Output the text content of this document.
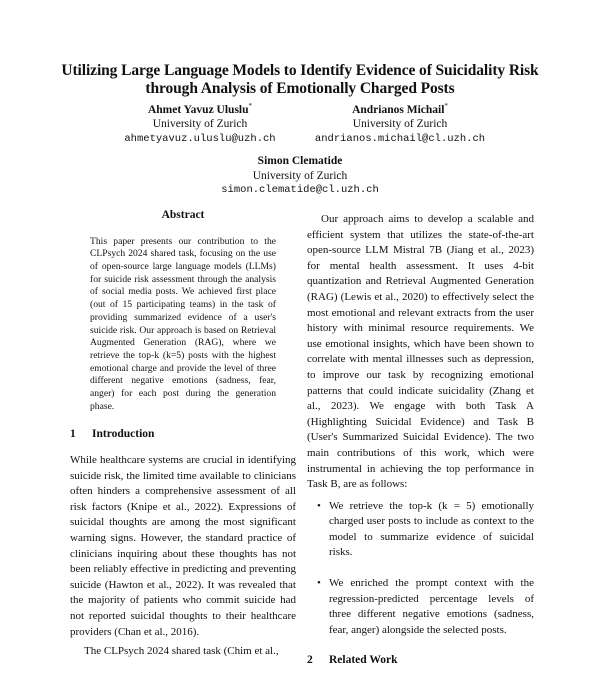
Utilizing Large Language Models to Identify Evidence of Suicidality Risk
through Analysis of Emotionally Charged Posts
Ahmet Yavuz Uluslu*
University of Zurich
ahmetyavuz.uluslu@uzh.ch
Andrianos Michail*
University of Zurich
andrianos.michail@cl.uzh.ch
Simon Clematide
University of Zurich
simon.clematide@cl.uzh.ch
Abstract

This paper presents our contribution to the CLPsych 2024 shared task, focusing on the use of open-source large language models (LLMs) for suicide risk assessment through the analysis of social media posts. We achieved first place (out of 15 participating teams) in the task of providing summarized evidence of a user's suicide risk. Our approach is based on Retrieval Augmented Generation (RAG), where we retrieve the top-k (k=5) posts with the highest emotional charge and provide the level of three different negative emotions (sadness, fear, anger) for each post during the generation phase.

1 Introduction

While healthcare systems are crucial in identifying suicide risk, the limited time available to clinicians often hinders a comprehensive assessment of all risk factors (Knipe et al., 2022). Expressions of suicidal thoughts are among the most significant warning signs. However, the standard practice of clinicians inquiring about these thoughts has not been reliably effective in predicting and preventing suicide (Hawton et al., 2022). It was revealed that the majority of patients who commit suicide had not reported suicidal thoughts to their healthcare providers (Chan et al., 2016).

The CLPsych 2024 shared task (Chim et al.,

Our approach aims to develop a scalable and efficient system that utilizes the state-of-the-art open-source LLM Mistral 7B (Jiang et al., 2023) for mental health assessment. It uses 4-bit quantization and Retrieval Augmented Generation (RAG) (Lewis et al., 2020) to effectively select the most emotional and relevant extracts from the user history with minimal resource requirements. We use emotional insights, which have been shown to correlate with mental illnesses such as depression, to improve our task by recognizing emotional patterns that could indicate suicidality (Zhang et al., 2023). We engage with both Task A (Highlighting Suicidal Evidence) and Task B (User's Summarized Suicidal Evidence). The two main contributions of this work, which were instrumental in achieving the top performance in Task B, are as follows:

• We retrieve the top-k (k = 5) emotionally charged user posts to include as context to the model to summarize evidence of suicidal risks.
• We enriched the prompt context with the regression-predicted percentage levels of three different negative emotions (sadness, fear, anger) alongside the selected posts.
2 Related Work
